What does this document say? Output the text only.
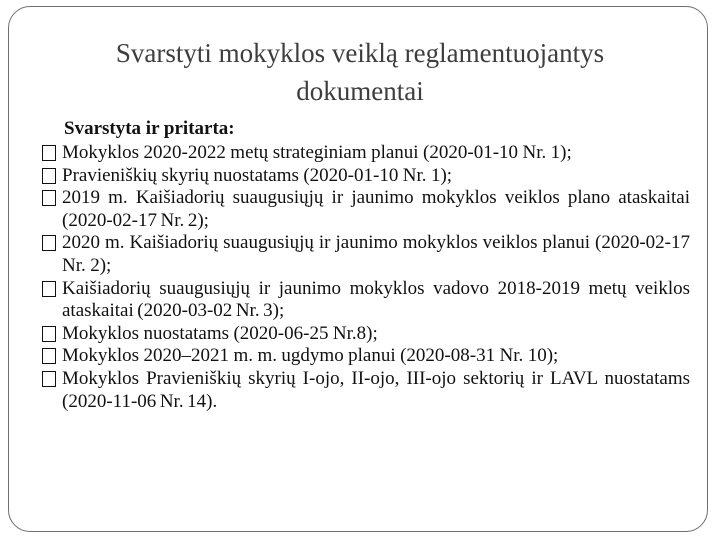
Svarstyti mokyklos veiklą reglamentuojantys
dokumentai
Svarstyta ir pritarta:
Mokyklos 2020-2022 metų strateginiam planui (2020-01-10 Nr. 1);
Pravieniškių skyrių nuostatams (2020-01-10 Nr. 1);
2019 m. Kaišiadorių suaugusiųjų ir jaunimo mokyklos veiklos plano ataskaitai (2020-02-17 Nr. 2);
2020 m. Kaišiadorių suaugusiųjų ir jaunimo mokyklos veiklos planui (2020-02-17 Nr. 2);
Kaišiadorių suaugusiųjų ir jaunimo mokyklos vadovo 2018-2019 metų veiklos ataskaitai (2020-03-02 Nr. 3);
Mokyklos nuostatams (2020-06-25 Nr.8);
Mokyklos 2020–2021 m. m. ugdymo planui (2020-08-31 Nr. 10);
Mokyklos Pravieniškių skyrių I-ojo, II-ojo, III-ojo sektorių ir LAVL nuostatams (2020-11-06 Nr. 14).
